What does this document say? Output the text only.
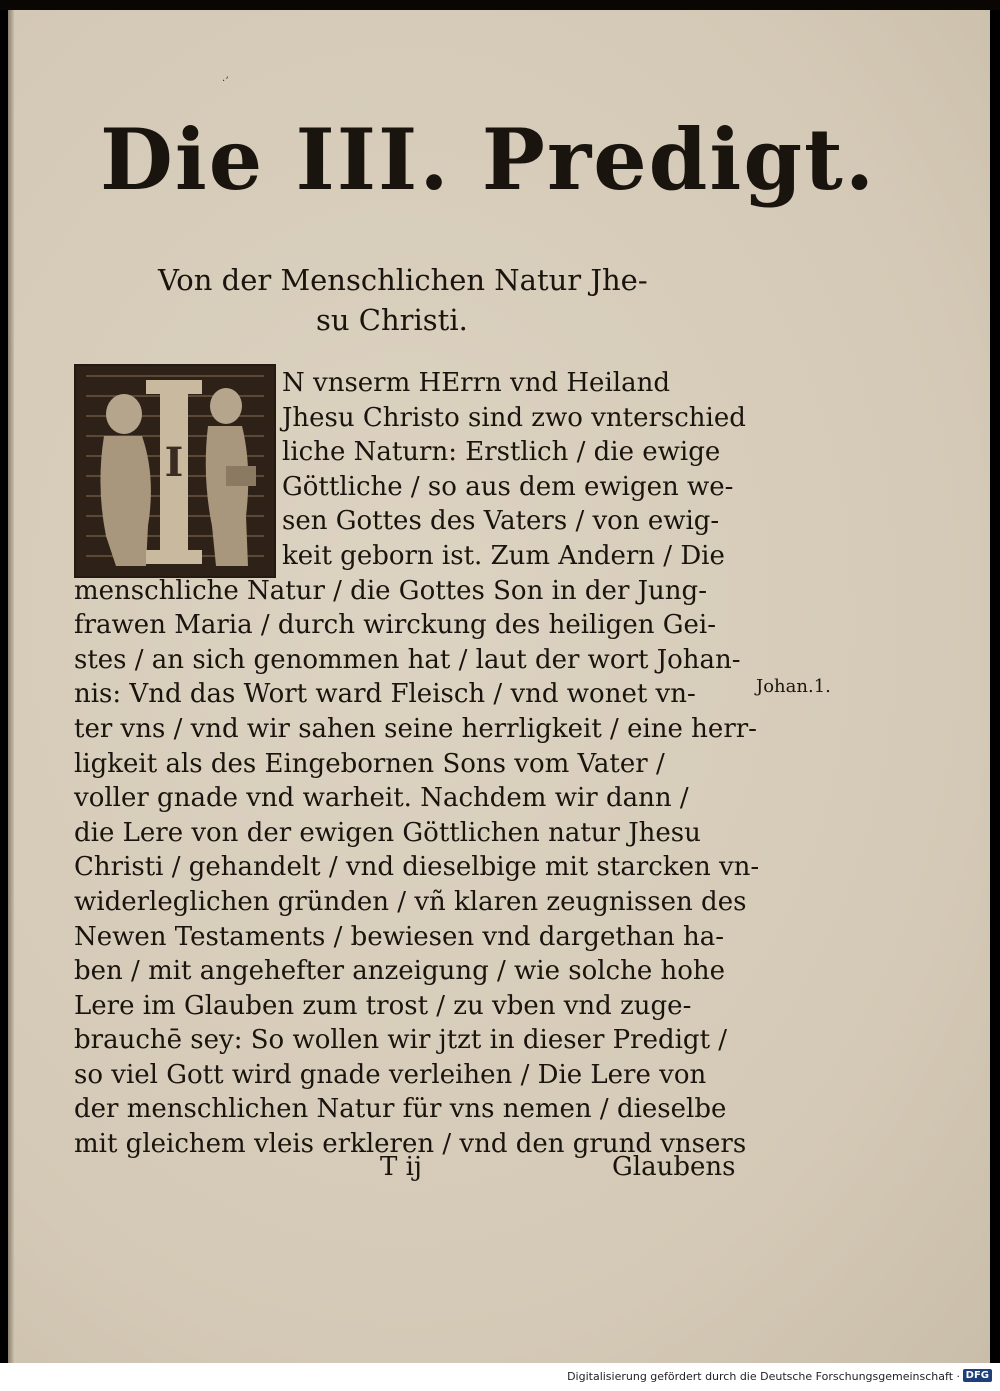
·ʼ
Die III. Predigt.
Von der Menschlichen Natur Jhe-
su Christi.
I
N vnserm HErrn vnd Heiland
Jhesu Christo sind zwo vnterschied
liche Naturn: Erstlich / die ewige
Göttliche / so aus dem ewigen we-
sen Gottes des Vaters / von ewig-
keit geborn ist. Zum Andern / Die
menschliche Natur / die Gottes Son in der Jung-
frawen Maria / durch wirckung des heiligen Gei-
stes / an sich genommen hat / laut der wort Johan-
nis: Vnd das Wort ward Fleisch / vnd wonet vn-
ter vns / vnd wir sahen seine herrligkeit / eine herr-
ligkeit als des Eingebornen Sons vom Vater /
voller gnade vnd warheit. Nachdem wir dann /
die Lere von der ewigen Göttlichen natur Jhesu
Christi / gehandelt / vnd dieselbige mit starcken vn-
widerleglichen gründen / vñ klaren zeugnissen des
Newen Testaments / bewiesen vnd dargethan ha-
ben / mit angehefter anzeigung / wie solche hohe
Lere im Glauben zum trost / zu vben vnd zuge-
brauchē sey: So wollen wir jtzt in dieser Predigt /
so viel Gott wird gnade verleihen / Die Lere von
der menschlichen Natur für vns nemen / dieselbe
mit gleichem vleis erkleren / vnd den grund vnsers
Johan.1.
T ij	Glaubens
Digitalisierung gefördert durch die Deutsche Forschungsgemeinschaft · DFG
